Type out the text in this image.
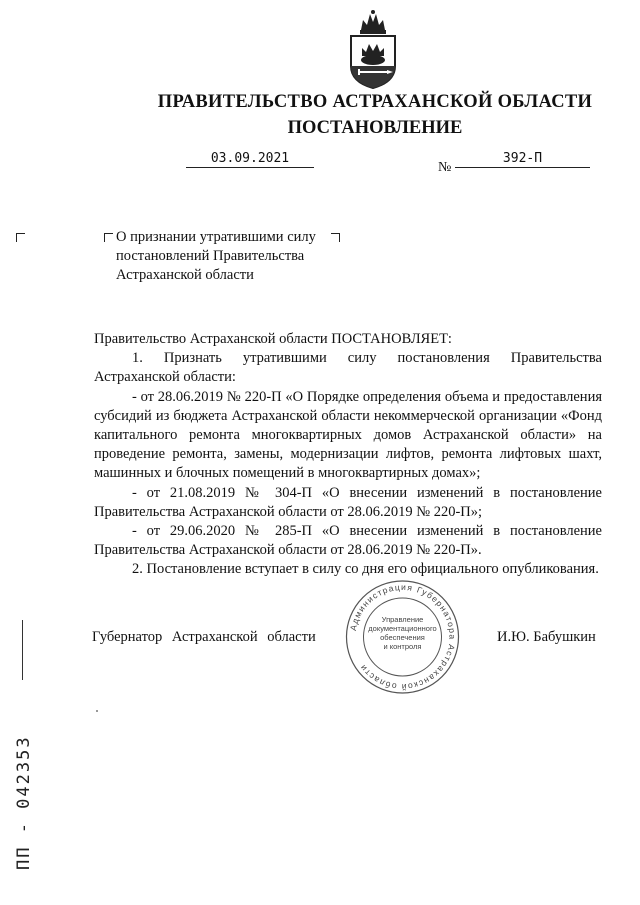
ПРАВИТЕЛЬСТВО АСТРАХАНСКОЙ ОБЛАСТИ
ПОСТАНОВЛЕНИЕ
03.09.2021
№
392-П
О признании утратившими силу постановлений Правительства Астраханской области

Правительство Астраханской области ПОСТАНОВЛЯЕТ:

1. Признать утратившими силу постановления Правительства Астраханской области:

- от 28.06.2019 № 220-П «О Порядке определения объема и предоставления субсидий из бюджета Астраханской области некоммерческой организации «Фонд капитального ремонта многоквартирных домов Астраханской области» на проведение ремонта, замены, модернизации лифтов, ремонта лифтовых шахт, машинных и блочных помещений в многоквартирных домах»;

- от 21.08.2019 № 304-П «О внесении изменений в постановление Правительства Астраханской области от 28.06.2019 № 220-П»;

- от 29.06.2020 № 285-П «О внесении изменений в постановление Правительства Астраханской области от 28.06.2019 № 220-П».

2. Постановление вступает в силу со дня его официального опубликования.

Губернатор Астраханской области	И.Ю. Бабушкин
Администрация Губернатора Астраханской области
Управление документационного обеспечения и контроля
ПП - 042353
